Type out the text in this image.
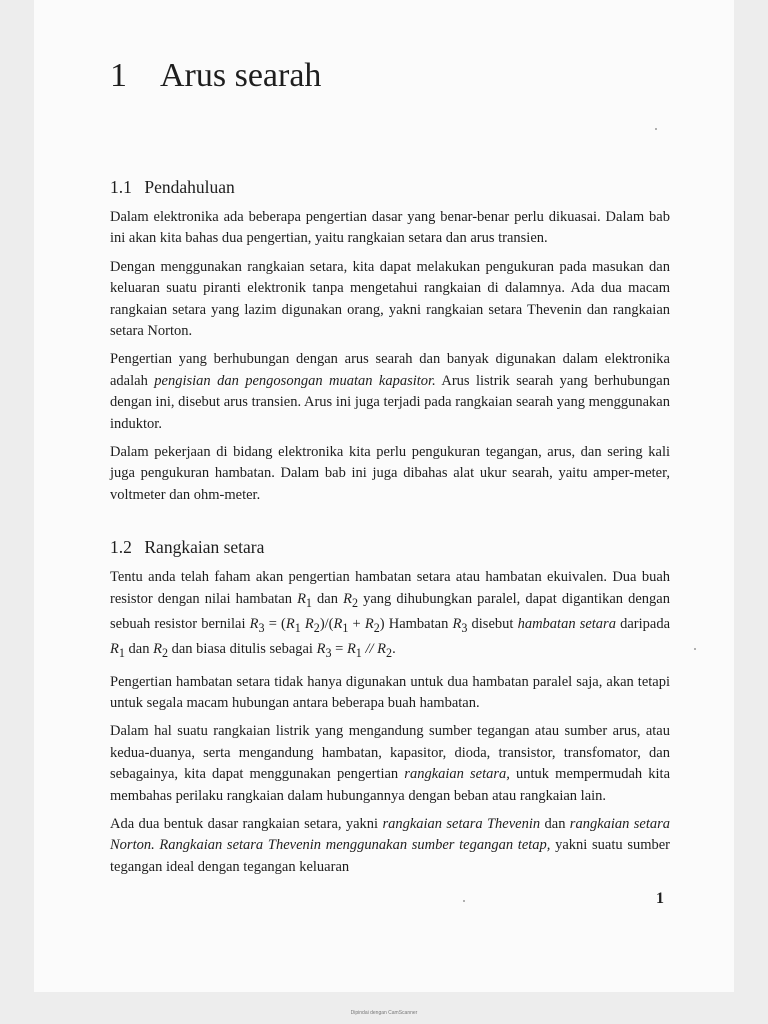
1 Arus searah
1.1 Pendahuluan

Dalam elektronika ada beberapa pengertian dasar yang benar-benar perlu dikuasai. Dalam bab ini akan kita bahas dua pengertian, yaitu rangkaian setara dan arus transien.

Dengan menggunakan rangkaian setara, kita dapat melakukan pengukuran pada masukan dan keluaran suatu piranti elektronik tanpa mengetahui rangkaian di dalamnya. Ada dua macam rangkaian setara yang lazim digunakan orang, yakni rangkaian setara Thevenin dan rangkaian setara Norton.

Pengertian yang berhubungan dengan arus searah dan banyak digunakan dalam elektronika adalah pengisian dan pengosongan muatan kapasitor. Arus listrik searah yang berhubungan dengan ini, disebut arus transien. Arus ini juga terjadi pada rangkaian searah yang menggunakan induktor.

Dalam pekerjaan di bidang elektronika kita perlu pengukuran tegangan, arus, dan sering kali juga pengukuran hambatan. Dalam bab ini juga dibahas alat ukur searah, yaitu amper-meter, voltmeter dan ohm-meter.

1.2 Rangkaian setara

Tentu anda telah faham akan pengertian hambatan setara atau hambatan ekuivalen. Dua buah resistor dengan nilai hambatan $R_1$ dan $R_2$ yang dihubungkan paralel, dapat digantikan dengan sebuah resistor bernilai $R_3 = (R_1$ $R_2)/(R_1 + R_2)$ Hambatan $R_3$ disebut hambatan setara daripada $R_1$ dan $R_2$ dan biasa ditulis sebagai $R_3 = R_1 // R_2$.

Pengertian hambatan setara tidak hanya digunakan untuk dua hambatan paralel saja, akan tetapi untuk segala macam hubungan antara beberapa buah hambatan.

Dalam hal suatu rangkaian listrik yang mengandung sumber tegangan atau sumber arus, atau kedua-duanya, serta mengandung hambatan, kapasitor, dioda, transistor, transfomator, dan sebagainya, kita dapat menggunakan pengertian rangkaian setara, untuk mempermudah kita membahas perilaku rangkaian dalam hubungannya dengan beban atau rangkaian lain.

Ada dua bentuk dasar rangkaian setara, yakni rangkaian setara Thevenin dan rangkaian setara Norton. Rangkaian setara Thevenin menggunakan sumber tegangan tetap, yakni suatu sumber tegangan ideal dengan tegangan keluaran

1
Dipindai dengan CamScanner
